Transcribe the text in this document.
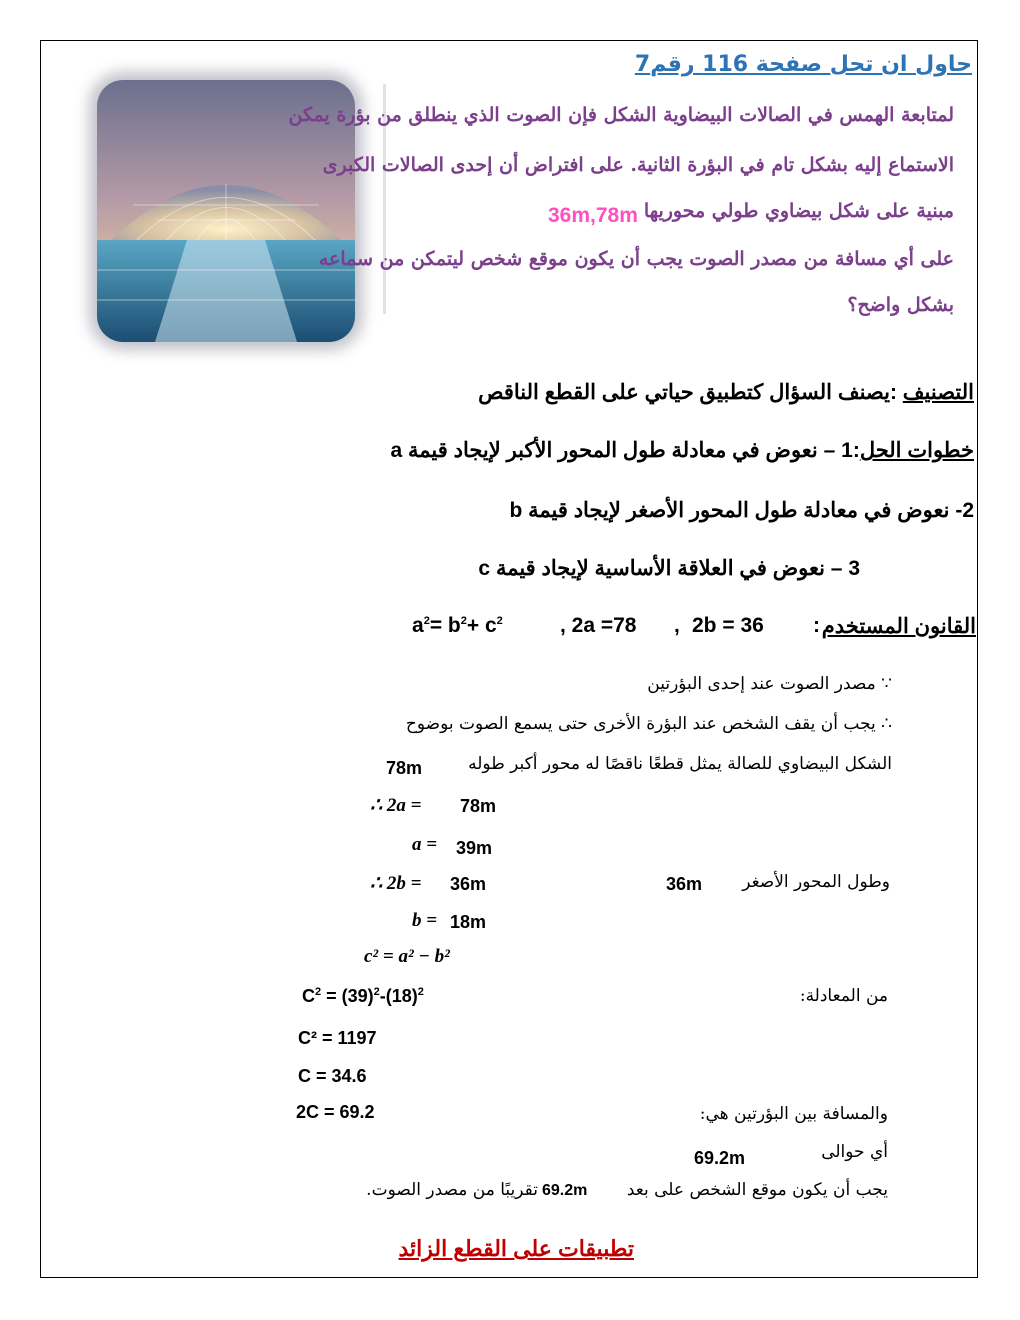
حاول ان تحل صفحة 116 رقم7
لمتابعة الهمس في الصالات البيضاوية الشكل فإن الصوت الذي ينطلق من بؤرة يمكن
الاستماع إليه بشكل تام في البؤرة الثانية. على افتراض أن إحدى الصالات الكبرى
مبنية على شكل بيضاوي طولي محوريها
36m,78m
على أي مسافة من مصدر الصوت يجب أن يكون موقع شخص ليتمكن من سماعه
بشكل واضح؟
التصنيف :يصنف السؤال كتطبيق حياتي على القطع الناقص
خطوات الحل:1 – نعوض في معادلة طول المحور الأكبر لإيجاد قيمة a
2- نعوض في معادلة طول المحور الأصغر لإيجاد قيمة b
3 – نعوض في العلاقة الأساسية لإيجاد قيمة c
القانون المستخدم
:
2b = 36
, 2a =78 ,
$a^2= b^2+ c^2$
∵ مصدر الصوت عند إحدى البؤرتين
∴ يجب أن يقف الشخص عند البؤرة الأخرى حتى يسمع الصوت بوضوح
الشكل البيضاوي للصالة يمثل قطعًا ناقصًا له محور أكبر طوله
78m
∴ 2a = 78m
a = 39m
وطول المحور الأصغر
36m
∴ 2b = 36m
b = 18m
c² = a² − b²
من المعادلة:
$C^2 = (39)^2-(18)^2$
C² = 1197
C = 34.6
2C = 69.2	والمسافة بين البؤرتين هي:
أي حوالى
69.2m
يجب أن يكون موقع الشخص على بعد
69.2m
تقريبًا من مصدر الصوت.
تطبيقات على القطع الزائد
